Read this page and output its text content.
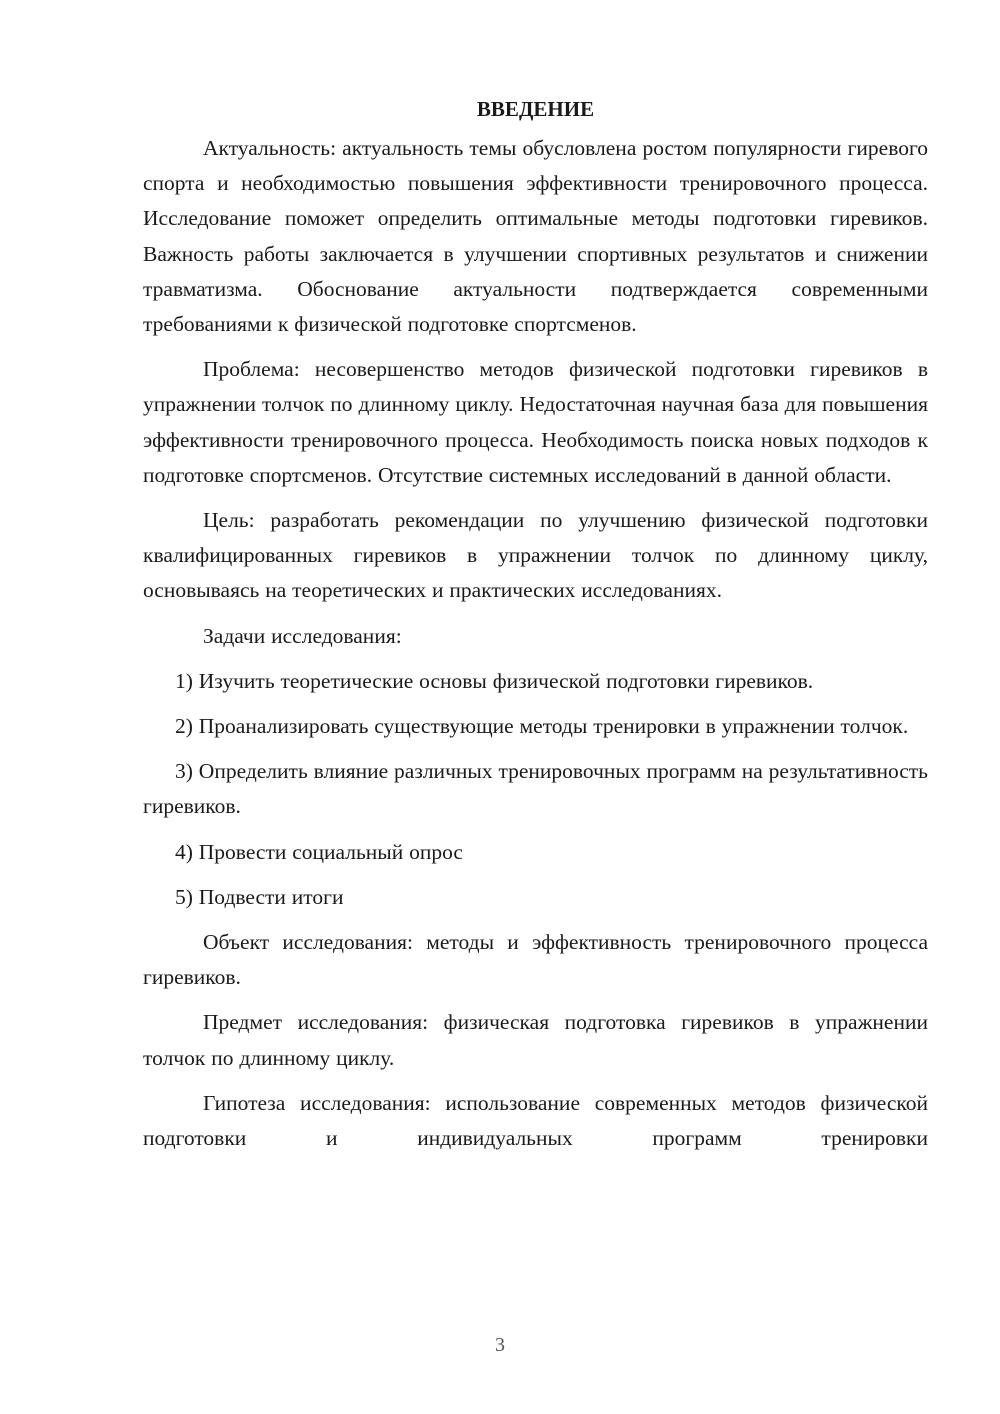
ВВЕДЕНИЕ

Актуальность: актуальность темы обусловлена ростом популярности гиревого спорта и необходимостью повышения эффективности тренировочного процесса. Исследование поможет определить оптимальные методы подготовки гиревиков. Важность работы заключается в улучшении спортивных результатов и снижении травматизма. Обоснование актуальности подтверждается современными требованиями к физической подготовке спортсменов.

Проблема: несовершенство методов физической подготовки гиревиков в упражнении толчок по длинному циклу. Недостаточная научная база для повышения эффективности тренировочного процесса. Необходимость поиска новых подходов к подготовке спортсменов. Отсутствие системных исследований в данной области.

Цель: разработать рекомендации по улучшению физической подготовки квалифицированных гиревиков в упражнении толчок по длинному циклу, основываясь на теоретических и практических исследованиях.

Задачи исследования:

1) Изучить теоретические основы физической подготовки гиревиков.

2) Проанализировать существующие методы тренировки в упражнении толчок.

3) Определить влияние различных тренировочных программ на результативность гиревиков.

4) Провести социальный опрос

5) Подвести итоги

Объект исследования: методы и эффективность тренировочного процесса гиревиков.

Предмет исследования: физическая подготовка гиревиков в упражнении толчок по длинному циклу.

Гипотеза исследования: использование современных методов физической подготовки и индивидуальных программ тренировки

3
